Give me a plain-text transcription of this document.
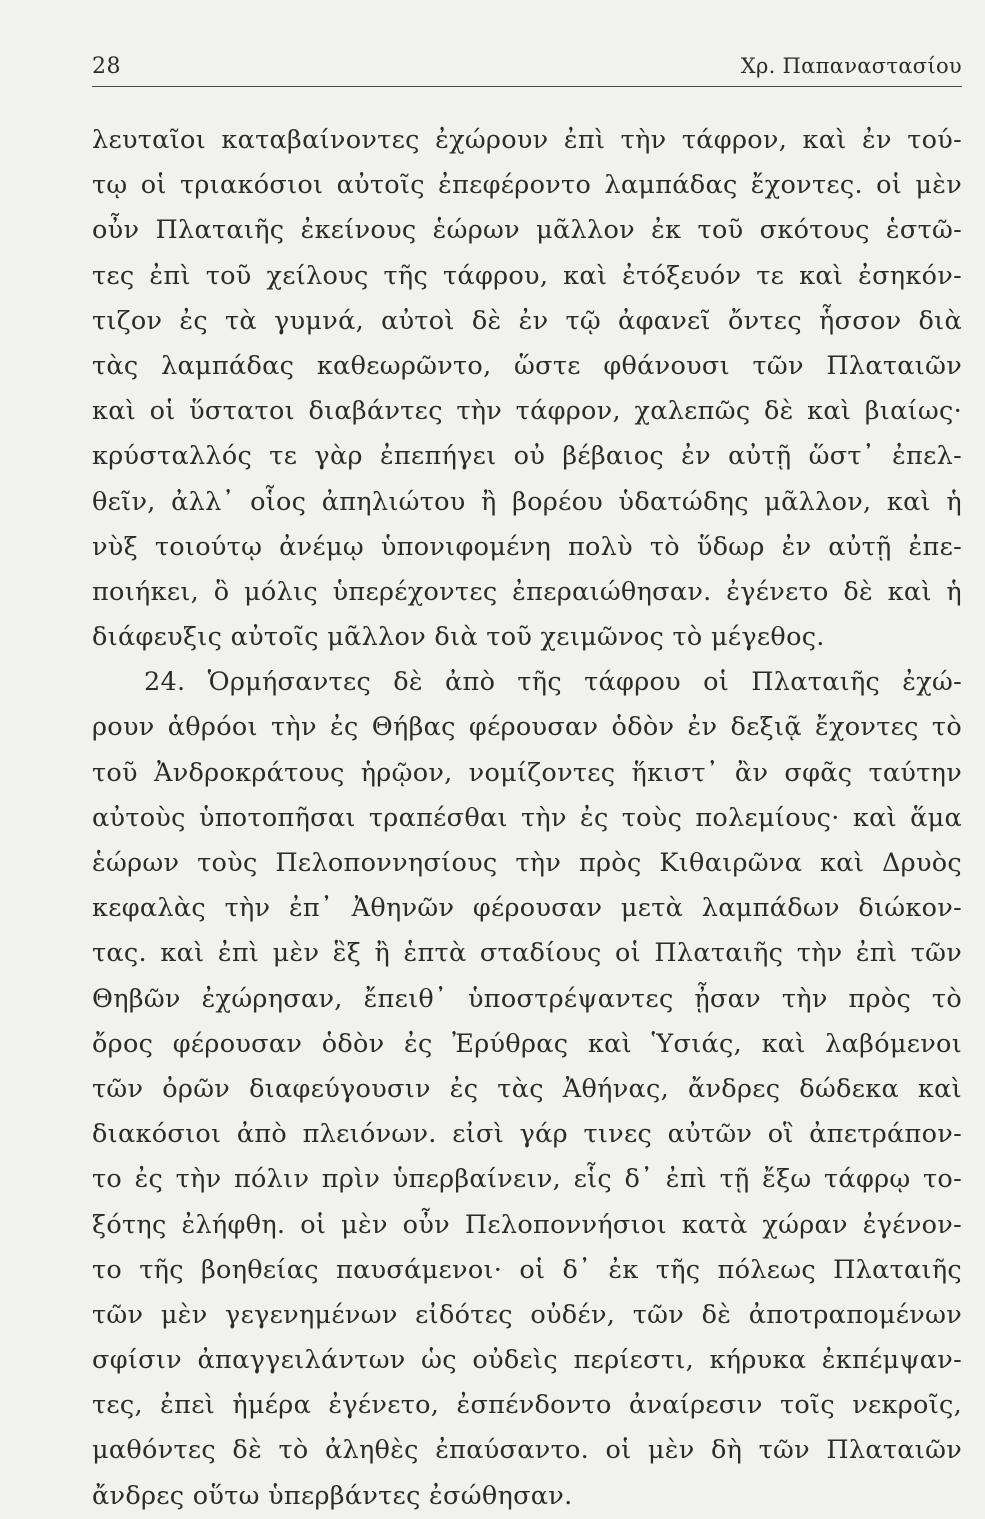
28	Χρ. Παπαναστασίου
λευταῖοι καταβαίνοντες ἐχώρουν ἐπὶ τὴν τάφρον, καὶ ἐν τού-
τῳ οἱ τριακόσιοι αὐτοῖς ἐπεφέροντο λαμπάδας ἔχοντες. οἱ μὲν
οὖν Πλαταιῆς ἐκείνους ἑώρων μᾶλλον ἐκ τοῦ σκότους ἑστῶ-
τες ἐπὶ τοῦ χείλους τῆς τάφρου, καὶ ἐτόξευόν τε καὶ ἐσηκόν-
τιζον ἐς τὰ γυμνά, αὐτοὶ δὲ ἐν τῷ ἀφανεῖ ὄντες ἧσσον διὰ
τὰς λαμπάδας καθεωρῶντο, ὥστε φθάνουσι τῶν Πλαταιῶν
καὶ οἱ ὕστατοι διαβάντες τὴν τάφρον, χαλεπῶς δὲ καὶ βιαίως·
κρύσταλλός τε γὰρ ἐπεπήγει οὐ βέβαιος ἐν αὐτῇ ὥστ᾽ ἐπελ-
θεῖν, ἀλλ᾽ οἷος ἀπηλιώτου ἢ βορέου ὑδατώδης μᾶλλον, καὶ ἡ
νὺξ τοιούτῳ ἀνέμῳ ὑπονιφομένη πολὺ τὸ ὕδωρ ἐν αὐτῇ ἐπε-
ποιήκει, ὃ μόλις ὑπερέχοντες ἐπεραιώθησαν. ἐγένετο δὲ καὶ ἡ
διάφευξις αὐτοῖς μᾶλλον διὰ τοῦ χειμῶνος τὸ μέγεθος.
24. Ὁρμήσαντες δὲ ἀπὸ τῆς τάφρου οἱ Πλαταιῆς ἐχώ-
ρουν ἁθρόοι τὴν ἐς Θήβας φέρουσαν ὁδὸν ἐν δεξιᾷ ἔχοντες τὸ
τοῦ Ἀνδροκράτους ἡρῷον, νομίζοντες ἥκιστ᾽ ἂν σφᾶς ταύτην
αὐτοὺς ὑποτοπῆσαι τραπέσθαι τὴν ἐς τοὺς πολεμίους· καὶ ἅμα
ἑώρων τοὺς Πελοποννησίους τὴν πρὸς Κιθαιρῶνα καὶ Δρυὸς
κεφαλὰς τὴν ἐπ᾽ Ἀθηνῶν φέρουσαν μετὰ λαμπάδων διώκον-
τας. καὶ ἐπὶ μὲν ἓξ ἢ ἑπτὰ σταδίους οἱ Πλαταιῆς τὴν ἐπὶ τῶν
Θηβῶν ἐχώρησαν, ἔπειθ᾽ ὑποστρέψαντες ᾖσαν τὴν πρὸς τὸ
ὄρος φέρουσαν ὁδὸν ἐς Ἐρύθρας καὶ Ὑσιάς, καὶ λαβόμενοι
τῶν ὀρῶν διαφεύγουσιν ἐς τὰς Ἀθήνας, ἄνδρες δώδεκα καὶ
διακόσιοι ἀπὸ πλειόνων. εἰσὶ γάρ τινες αὐτῶν οἳ ἀπετράπον-
το ἐς τὴν πόλιν πρὶν ὑπερβαίνειν, εἷς δ᾽ ἐπὶ τῇ ἔξω τάφρῳ το-
ξότης ἐλήφθη. οἱ μὲν οὖν Πελοποννήσιοι κατὰ χώραν ἐγένον-
το τῆς βοηθείας παυσάμενοι· οἱ δ᾽ ἐκ τῆς πόλεως Πλαταιῆς
τῶν μὲν γεγενημένων εἰδότες οὐδέν, τῶν δὲ ἀποτραπομένων
σφίσιν ἀπαγγειλάντων ὡς οὐδεὶς περίεστι, κήρυκα ἐκπέμψαν-
τες, ἐπεὶ ἡμέρα ἐγένετο, ἐσπένδοντο ἀναίρεσιν τοῖς νεκροῖς,
μαθόντες δὲ τὸ ἀληθὲς ἐπαύσαντο. οἱ μὲν δὴ τῶν Πλαταιῶν
ἄνδρες οὕτω ὑπερβάντες ἐσώθησαν.
